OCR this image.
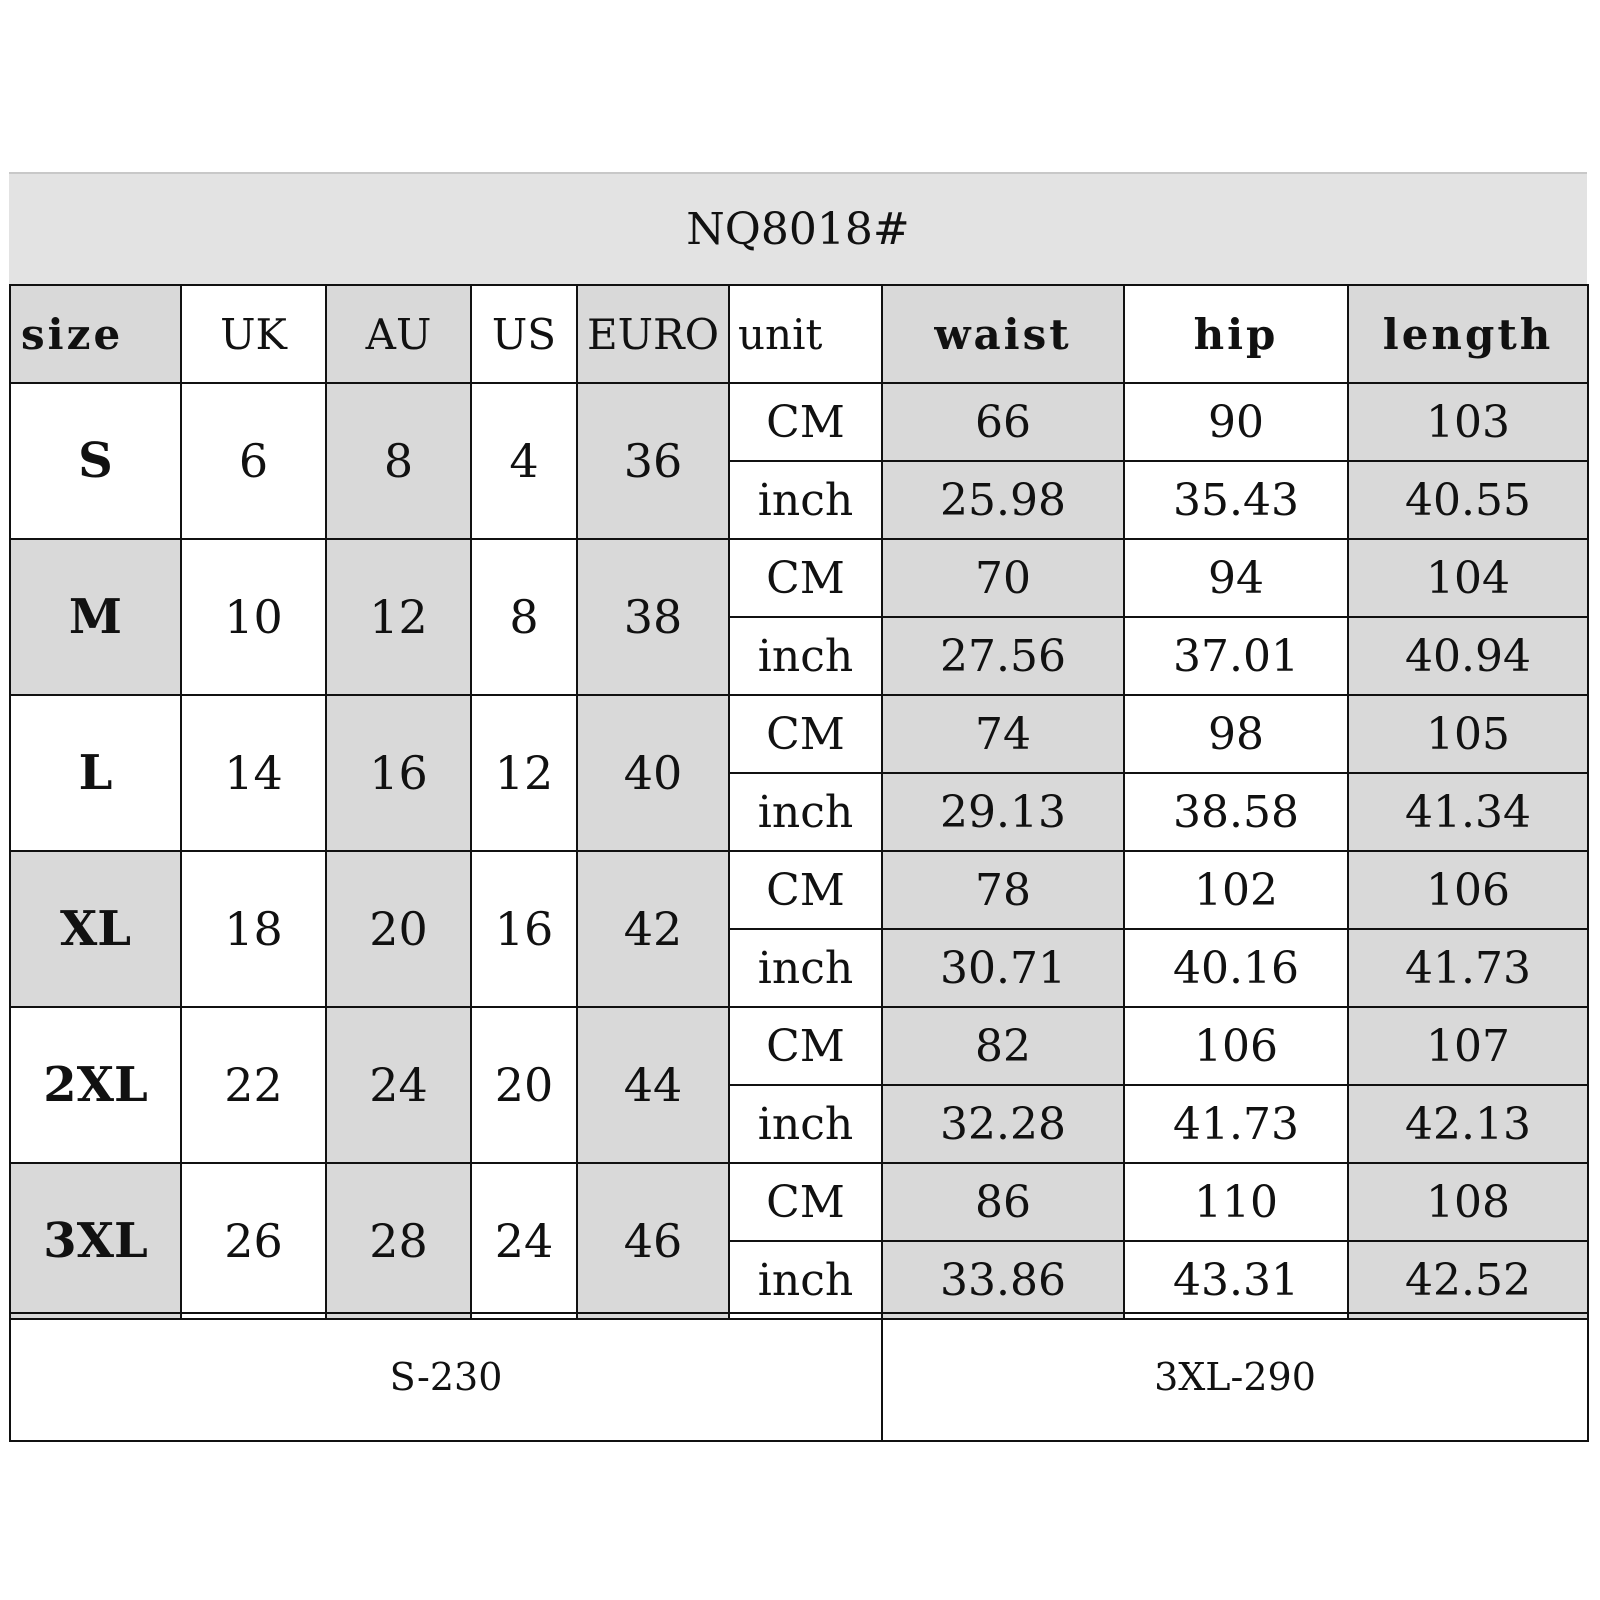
NQ8018#
size	UK	AU	US	EURO	unit	waist	hip	length
S	6	8	4	36	CM	66	90	103
					inch	25.98	35.43	40.55
M	10	12	8	38	CM	70	94	104
					inch	27.56	37.01	40.94
L	14	16	12	40	CM	74	98	105
					inch	29.13	38.58	41.34
XL	18	20	16	42	CM	78	102	106
					inch	30.71	40.16	41.73
2XL	22	24	20	44	CM	82	106	107
					inch	32.28	41.73	42.13
3XL	26	28	24	46	CM	86	110	108
					inch	33.86	43.31	42.52
S-230	3XL-290
